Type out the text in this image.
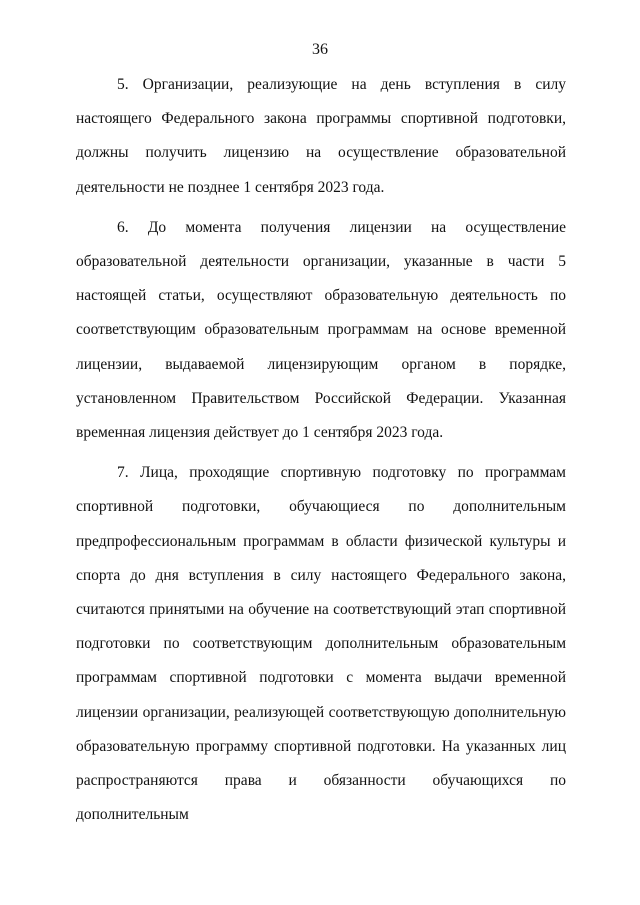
36

5. Организации, реализующие на день вступления в силу настоящего Федерального закона программы спортивной подготовки, должны получить лицензию на осуществление образовательной деятельности не позднее 1 сентября 2023 года.

6. До момента получения лицензии на осуществление образовательной деятельности организации, указанные в части 5 настоящей статьи, осуществляют образовательную деятельность по соответствующим образовательным программам на основе временной лицензии, выдаваемой лицензирующим органом в порядке, установленном Правительством Российской Федерации. Указанная временная лицензия действует до 1 сентября 2023 года.

7. Лица, проходящие спортивную подготовку по программам спортивной подготовки, обучающиеся по дополнительным предпрофессиональным программам в области физической культуры и спорта до дня вступления в силу настоящего Федерального закона, считаются принятыми на обучение на соответствующий этап спортивной подготовки по соответствующим дополнительным образовательным программам спортивной подготовки с момента выдачи временной лицензии организации, реализующей соответствующую дополнительную образовательную программу спортивной подготовки. На указанных лиц распространяются права и обязанности обучающихся по дополнительным
